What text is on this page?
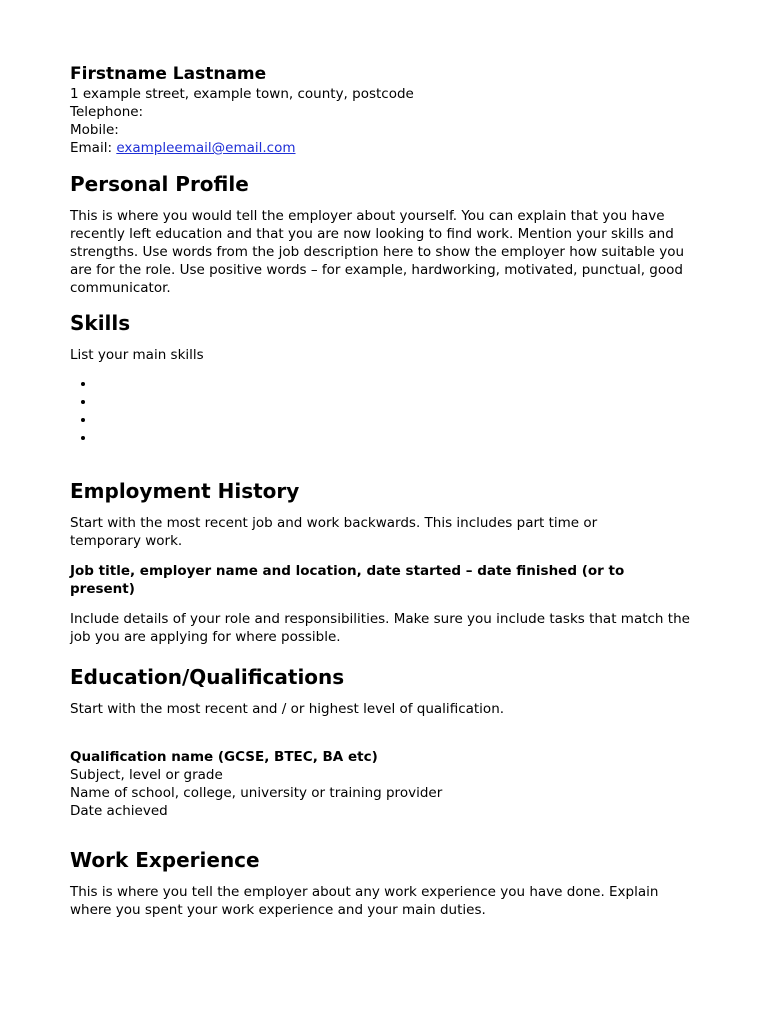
Firstname Lastname

1 example street, example town, county, postcode

Telephone:

Mobile:

Email: exampleemail@email.com

Personal Profile

This is where you would tell the employer about yourself. You can explain that you have recently left education and that you are now looking to find work. Mention your skills and strengths. Use words from the job description here to show the employer how suitable you are for the role. Use positive words – for example, hardworking, motivated, punctual, good communicator.

Skills

List your main skills

•
•
•
•
Employment History

Start with the most recent job and work backwards. This includes part time or temporary work.

Job title, employer name and location, date started – date finished (or to present)

Include details of your role and responsibilities. Make sure you include tasks that match the job you are applying for where possible.

Education/Qualifications

Start with the most recent and / or highest level of qualification.

Qualification name (GCSE, BTEC, BA etc)

Subject, level or grade

Name of school, college, university or training provider

Date achieved

Work Experience

This is where you tell the employer about any work experience you have done. Explain where you spent your work experience and your main duties.
